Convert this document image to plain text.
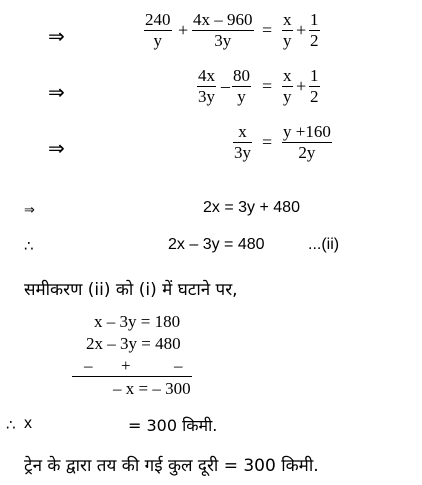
⇒	$\frac{240}{y} + \frac{4x - 960}{3y} = \frac{x}{y} + \frac{1}{2}$
⇒	$\frac{4x}{3y} - \frac{80}{y} = \frac{x}{y} + \frac{1}{2}$
⇒	$\frac{x}{3y} = \frac{y +160}{2y}$
⇒	2x = 3y + 480
∴	2x – 3y = 480	...(ii)
समीकरण (ii) को (i) में घटाने पर,
x – 3y = 180
2x – 3y = 480
– +	–
– x = – 300
∴ x	= 300 किमी.
ट्रेन के द्वारा तय की गई कुल दूरी = 300 किमी.
